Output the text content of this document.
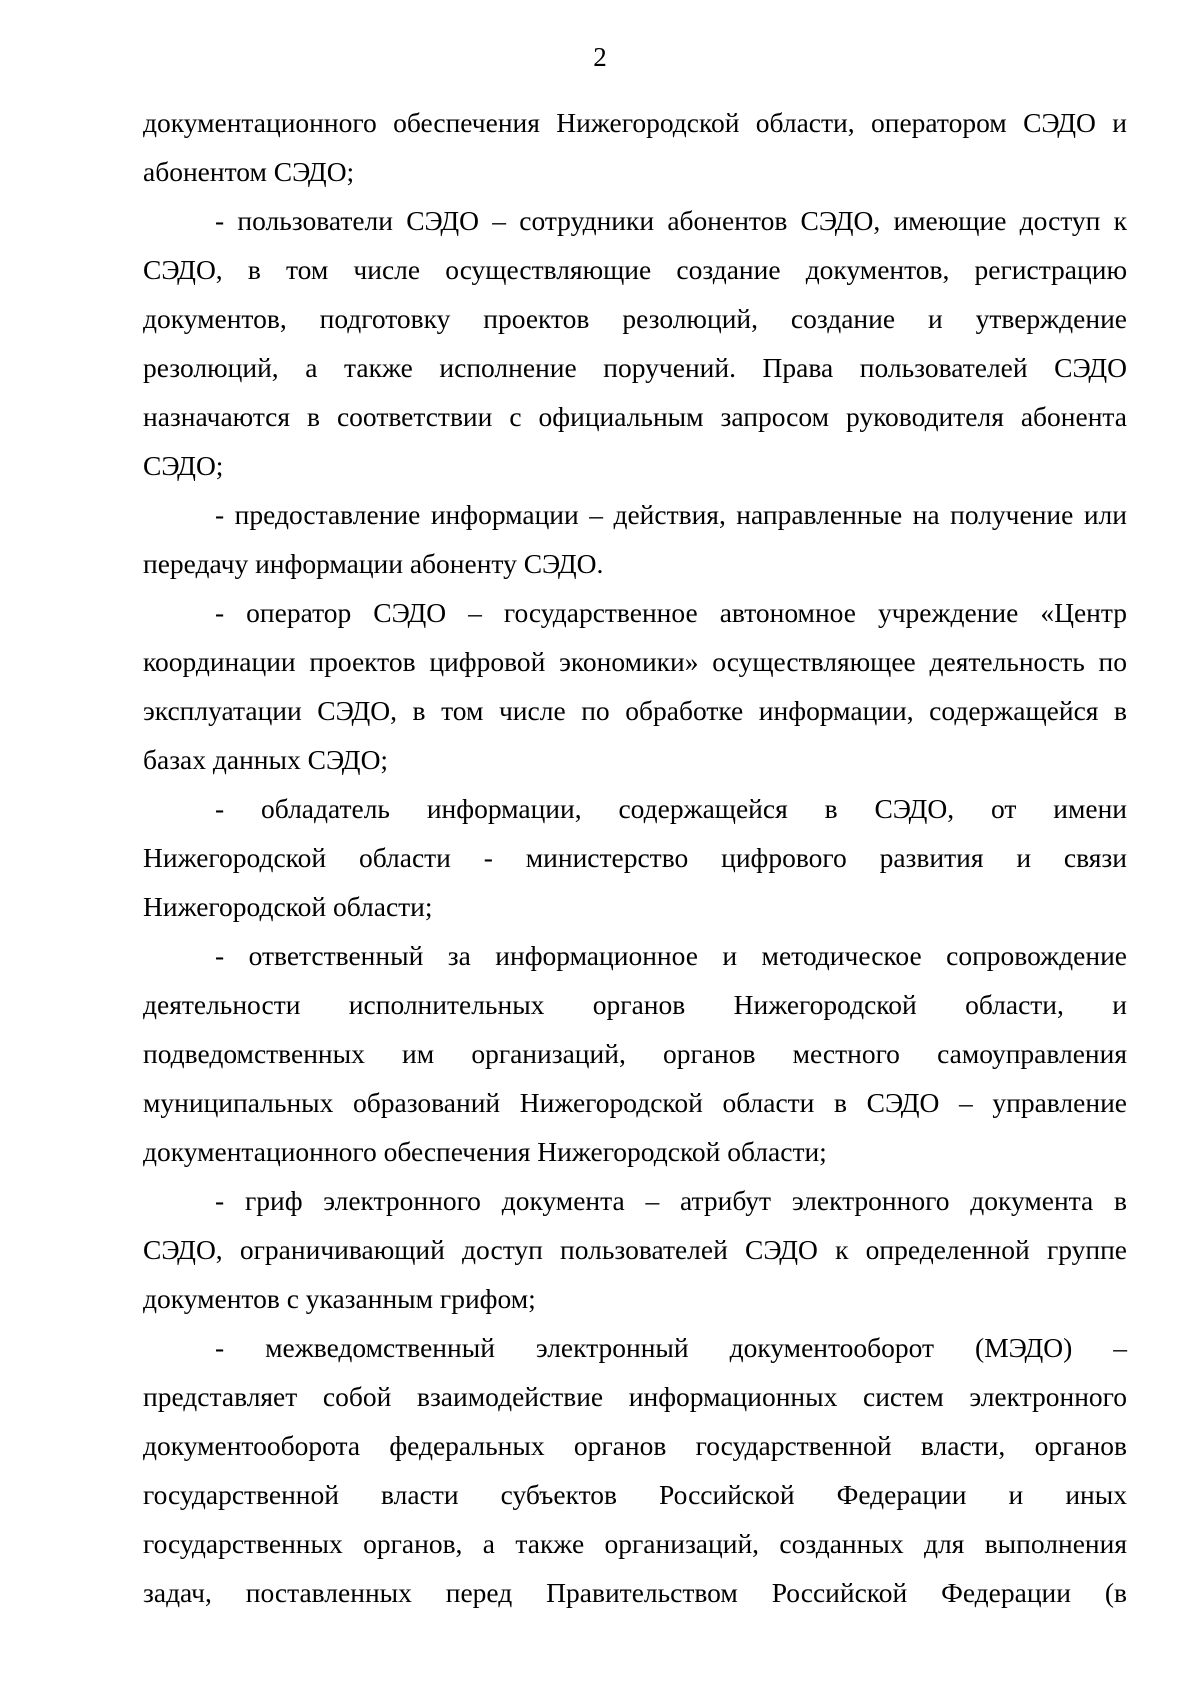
2
документационного обеспечения Нижегородской области, оператором СЭДО и
абонентом СЭДО;
- пользователи СЭДО – сотрудники абонентов СЭДО, имеющие доступ к
СЭДО, в том числе осуществляющие создание документов, регистрацию
документов, подготовку проектов резолюций, создание и утверждение
резолюций, а также исполнение поручений. Права пользователей СЭДО
назначаются в соответствии с официальным запросом руководителя абонента
СЭДО;
- предоставление информации – действия, направленные на получение или
передачу информации абоненту СЭДО.
- оператор СЭДО – государственное автономное учреждение «Центр
координации проектов цифровой экономики» осуществляющее деятельность по
эксплуатации СЭДО, в том числе по обработке информации, содержащейся в
базах данных СЭДО;
- обладатель информации, содержащейся в СЭДО, от имени
Нижегородской области - министерство цифрового развития и связи
Нижегородской области;
- ответственный за информационное и методическое сопровождение
деятельности исполнительных органов Нижегородской области, и
подведомственных им организаций, органов местного самоуправления
муниципальных образований Нижегородской области в СЭДО – управление
документационного обеспечения Нижегородской области;
- гриф электронного документа – атрибут электронного документа в
СЭДО, ограничивающий доступ пользователей СЭДО к определенной группе
документов с указанным грифом;
- межведомственный электронный документооборот (МЭДО) –
представляет собой взаимодействие информационных систем электронного
документооборота федеральных органов государственной власти, органов
государственной власти субъектов Российской Федерации и иных
государственных органов, а также организаций, созданных для выполнения
задач, поставленных перед Правительством Российской Федерации (в
